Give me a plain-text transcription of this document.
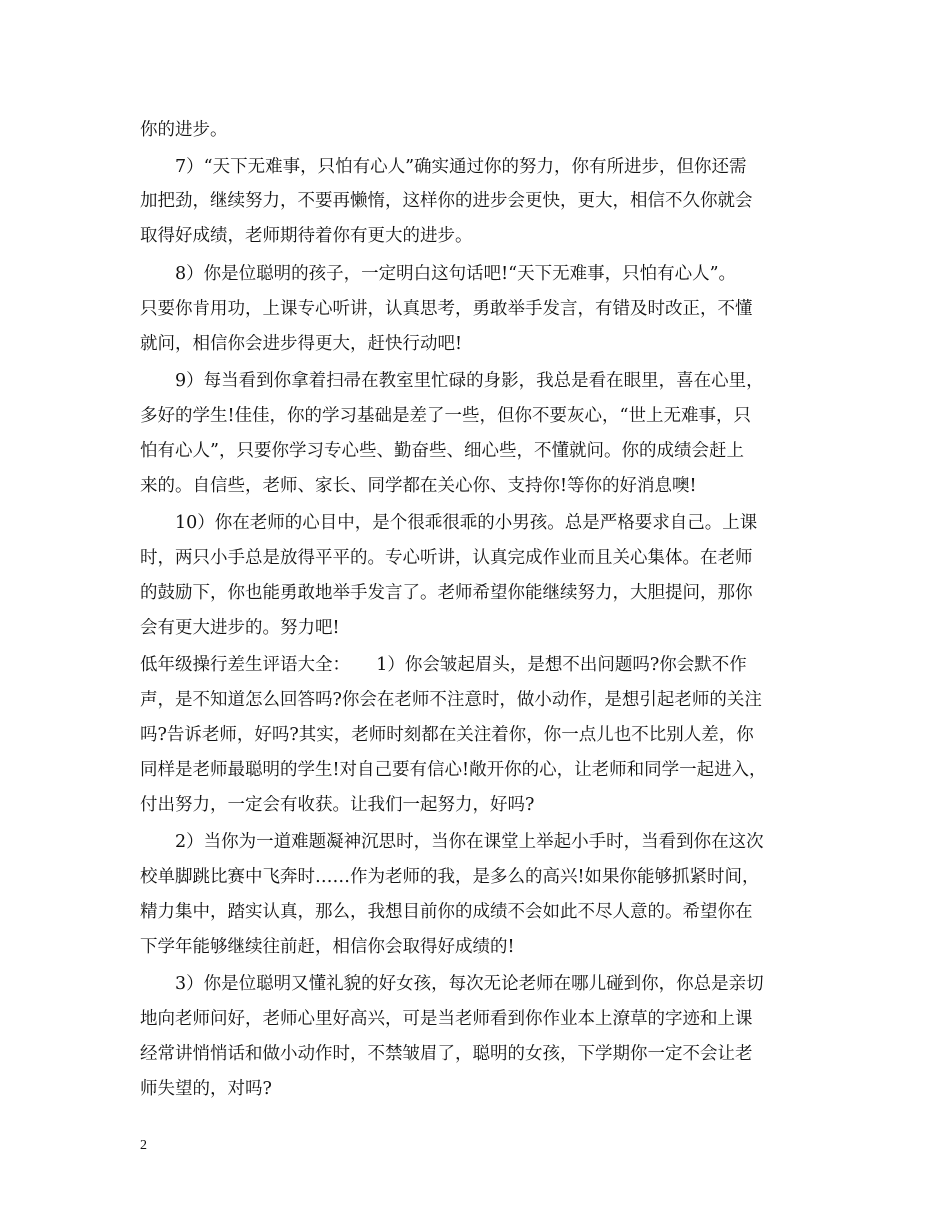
你的进步。
7）“天下无难事，只怕有心人”确实通过你的努力，你有所进步，但你还需
加把劲，继续努力，不要再懒惰，这样你的进步会更快，更大，相信不久你就会
取得好成绩，老师期待着你有更大的进步。
8）你是位聪明的孩子，一定明白这句话吧!“天下无难事，只怕有心人”。
只要你肯用功，上课专心听讲，认真思考，勇敢举手发言，有错及时改正，不懂
就问，相信你会进步得更大，赶快行动吧!
9）每当看到你拿着扫帚在教室里忙碌的身影，我总是看在眼里，喜在心里，
多好的学生!佳佳，你的学习基础是差了一些，但你不要灰心，“世上无难事，只
怕有心人”，只要你学习专心些、勤奋些、细心些，不懂就问。你的成绩会赶上
来的。自信些，老师、家长、同学都在关心你、支持你!等你的好消息噢!
10）你在老师的心目中，是个很乖很乖的小男孩。总是严格要求自己。上课
时，两只小手总是放得平平的。专心听讲，认真完成作业而且关心集体。在老师
的鼓励下，你也能勇敢地举手发言了。老师希望你能继续努力，大胆提问，那你
会有更大进步的。努力吧!
低年级操行差生评语大全：　　1）你会皱起眉头，是想不出问题吗?你会默不作
声，是不知道怎么回答吗?你会在老师不注意时，做小动作，是想引起老师的关注
吗?告诉老师，好吗?其实，老师时刻都在关注着你，你一点儿也不比别人差，你
同样是老师最聪明的学生!对自己要有信心!敞开你的心，让老师和同学一起进入，
付出努力，一定会有收获。让我们一起努力，好吗?
2）当你为一道难题凝神沉思时，当你在课堂上举起小手时，当看到你在这次
校单脚跳比赛中飞奔时……作为老师的我，是多么的高兴!如果你能够抓紧时间，
精力集中，踏实认真，那么，我想目前你的成绩不会如此不尽人意的。希望你在
下学年能够继续往前赶，相信你会取得好成绩的!
3）你是位聪明又懂礼貌的好女孩，每次无论老师在哪儿碰到你，你总是亲切
地向老师问好，老师心里好高兴，可是当老师看到你作业本上潦草的字迹和上课
经常讲悄悄话和做小动作时，不禁皱眉了，聪明的女孩，下学期你一定不会让老
师失望的，对吗?
2
